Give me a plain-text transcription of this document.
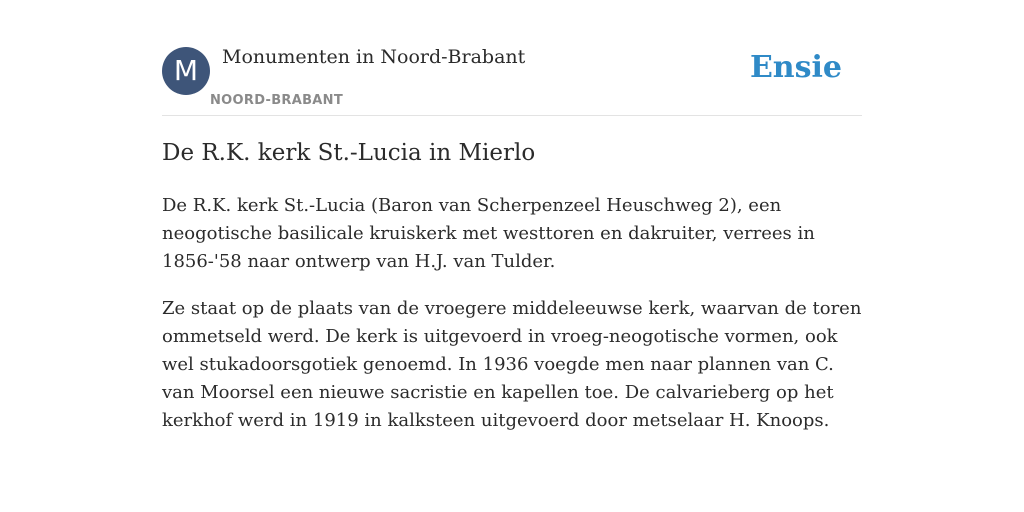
M	Monumenten in Noord-Brabant
NOORD-BRABANT
Ensie
De R.K. kerk St.-Lucia in Mierlo

De R.K. kerk St.-Lucia (Baron van Scherpenzeel Heuschweg 2), een neogotische basilicale kruiskerk met westtoren en dakruiter, verrees in 1856-'58 naar ontwerp van H.J. van Tulder.

Ze staat op de plaats van de vroegere middeleeuwse kerk, waarvan de toren ommetseld werd. De kerk is uitgevoerd in vroeg-neogotische vormen, ook wel stukadoorsgotiek genoemd. In 1936 voegde men naar plannen van C. van Moorsel een nieuwe sacristie en kapellen toe. De calvarieberg op het kerkhof werd in 1919 in kalksteen uitgevoerd door metselaar H. Knoops.
